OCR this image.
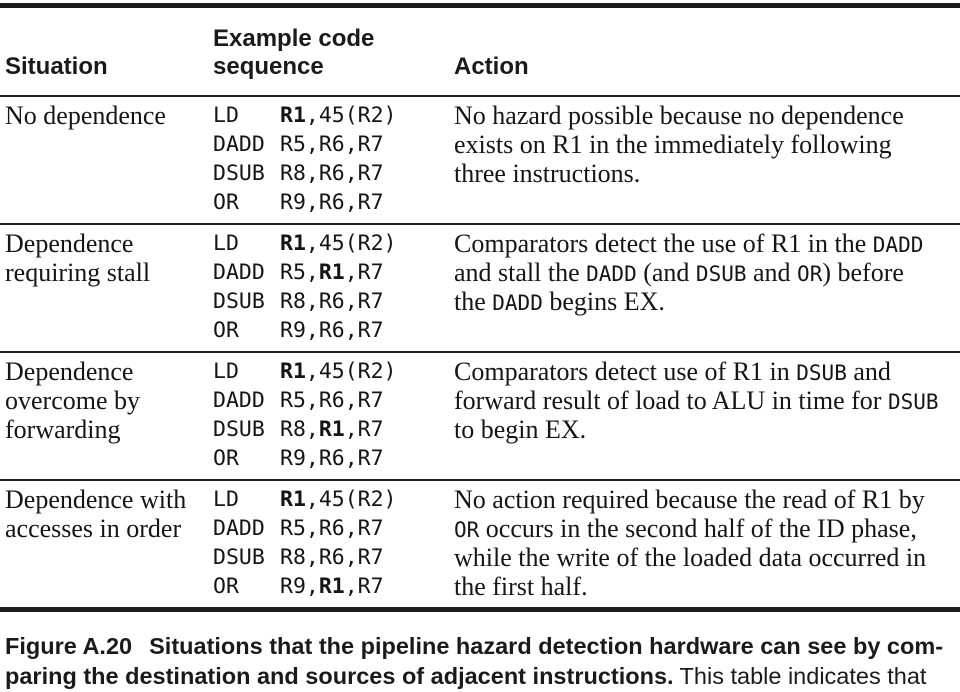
Situation
Example code
sequence	Action
No dependence	LD R1,45(R2)
DADD R5,R6,R7
DSUB R8,R6,R7
OR R9,R6,R7
No hazard possible because no dependence
exists on R1 in the immediately following
three instructions.
Dependence
requiring stall
LD R1,45(R2)
DADD R5,R1,R7
DSUB R8,R6,R7
OR R9,R6,R7
Comparators detect the use of R1 in the DADD
and stall the DADD (and DSUB and OR) before
the DADD begins EX.
Dependence
overcome by
forwarding
LD R1,45(R2)
DADD R5,R6,R7
DSUB R8,R1,R7
OR R9,R6,R7
Comparators detect use of R1 in DSUB and
forward result of load to ALU in time for DSUB
to begin EX.
Dependence with
accesses in order
LD R1,45(R2)
DADD R5,R6,R7
DSUB R8,R6,R7
OR R9,R1,R7
No action required because the read of R1 by
OR occurs in the second half of the ID phase,
while the write of the loaded data occurred in
the first half.
Figure A.20 Situations that the pipeline hazard detection hardware can see by com-
paring the destination and sources of adjacent instructions. This table indicates that
